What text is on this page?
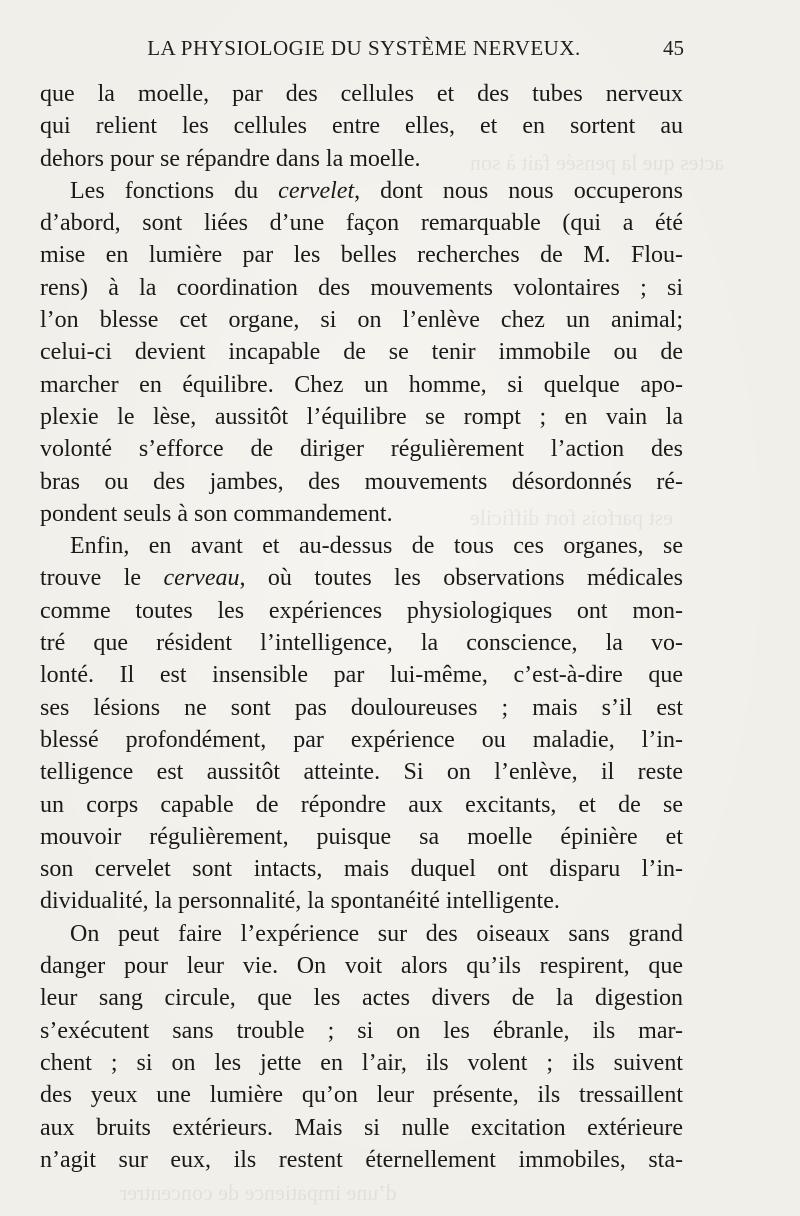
actes que la pensée fait à son
est parfois fort difficile
d’une impatience de concentrer
LA PHYSIOLOGIE DU SYSTÈME NERVEUX.	45
que la moelle, par des cellules et des tubes nerveux
qui relient les cellules entre elles, et en sortent au
dehors pour se répandre dans la moelle.
Les fonctions du cervelet, dont nous nous occuperons
d’abord, sont liées d’une façon remarquable (qui a été
mise en lumière par les belles recherches de M. Flou-
rens) à la coordination des mouvements volontaires ; si
l’on blesse cet organe, si on l’enlève chez un animal;
celui-ci devient incapable de se tenir immobile ou de
marcher en équilibre. Chez un homme, si quelque apo-
plexie le lèse, aussitôt l’équilibre se rompt ; en vain la
volonté s’efforce de diriger régulièrement l’action des
bras ou des jambes, des mouvements désordonnés ré-
pondent seuls à son commandement.
Enfin, en avant et au-dessus de tous ces organes, se
trouve le cerveau, où toutes les observations médicales
comme toutes les expériences physiologiques ont mon-
tré que résident l’intelligence, la conscience, la vo-
lonté. Il est insensible par lui-même, c’est-à-dire que
ses lésions ne sont pas douloureuses ; mais s’il est
blessé profondément, par expérience ou maladie, l’in-
telligence est aussitôt atteinte. Si on l’enlève, il reste
un corps capable de répondre aux excitants, et de se
mouvoir régulièrement, puisque sa moelle épinière et
son cervelet sont intacts, mais duquel ont disparu l’in-
dividualité, la personnalité, la spontanéité intelligente.
On peut faire l’expérience sur des oiseaux sans grand
danger pour leur vie. On voit alors qu’ils respirent, que
leur sang circule, que les actes divers de la digestion
s’exécutent sans trouble ; si on les ébranle, ils mar-
chent ; si on les jette en l’air, ils volent ; ils suivent
des yeux une lumière qu’on leur présente, ils tressaillent
aux bruits extérieurs. Mais si nulle excitation extérieure
n’agit sur eux, ils restent éternellement immobiles, sta-
